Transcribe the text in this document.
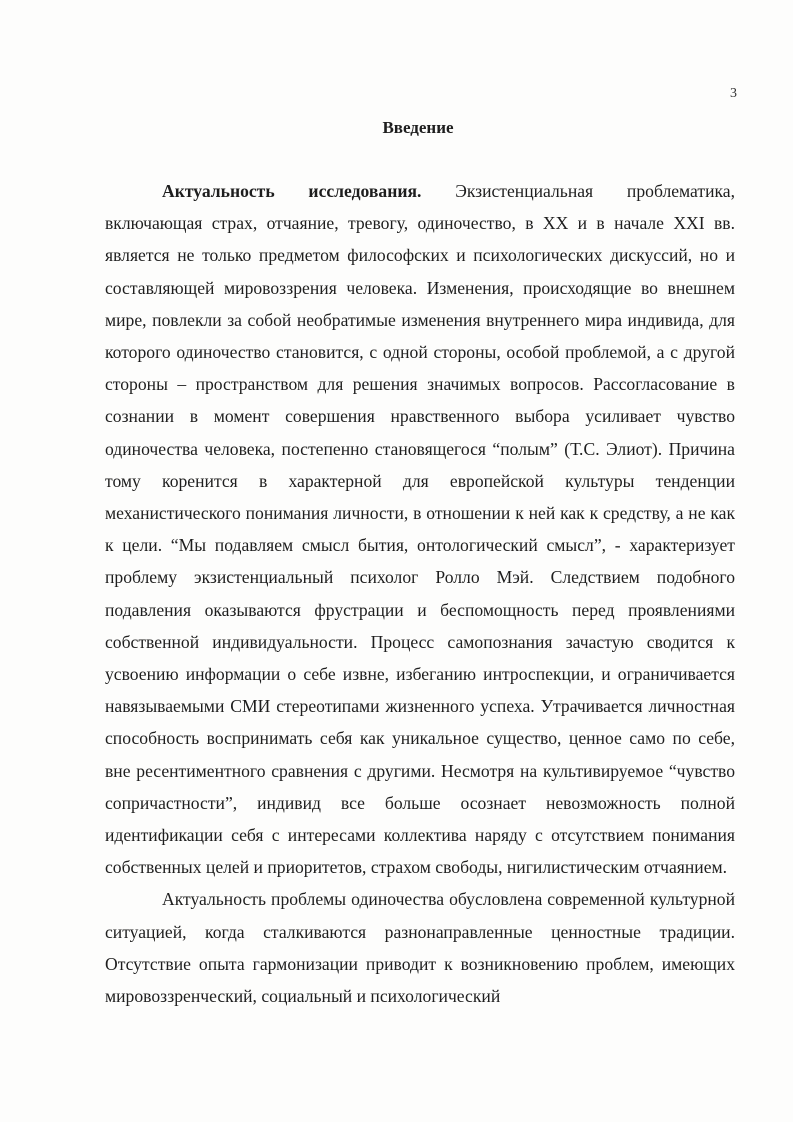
3
Введение

Актуальность исследования. Экзистенциальная проблематика, включающая страх, отчаяние, тревогу, одиночество, в XX и в начале XXI вв. является не только предметом философских и психологических дискуссий, но и составляющей мировоззрения человека. Изменения, происходящие во внешнем мире, повлекли за собой необратимые изменения внутреннего мира индивида, для которого одиночество становится, с одной стороны, особой проблемой, а с другой стороны – пространством для решения значимых вопросов. Рассогласование в сознании в момент совершения нравственного выбора усиливает чувство одиночества человека, постепенно становящегося “полым” (Т.С. Элиот). Причина тому коренится в характерной для европейской культуры тенденции механистического понимания личности, в отношении к ней как к средству, а не как к цели. “Мы подавляем смысл бытия, онтологический смысл”, - характеризует проблему экзистенциальный психолог Ролло Мэй. Следствием подобного подавления оказываются фрустрации и беспомощность перед проявлениями собственной индивидуальности. Процесс самопознания зачастую сводится к усвоению информации о себе извне, избеганию интроспекции, и ограничивается навязываемыми СМИ стереотипами жизненного успеха. Утрачивается личностная способность воспринимать себя как уникальное существо, ценное само по себе, вне ресентиментного сравнения с другими. Несмотря на культивируемое “чувство сопричастности”, индивид все больше осознает невозможность полной идентификации себя с интересами коллектива наряду с отсутствием понимания собственных целей и приоритетов, страхом свободы, нигилистическим отчаянием.

Актуальность проблемы одиночества обусловлена современной культурной ситуацией, когда сталкиваются разнонаправленные ценностные традиции. Отсутствие опыта гармонизации приводит к возникновению проблем, имеющих мировоззренческий, социальный и психологический
